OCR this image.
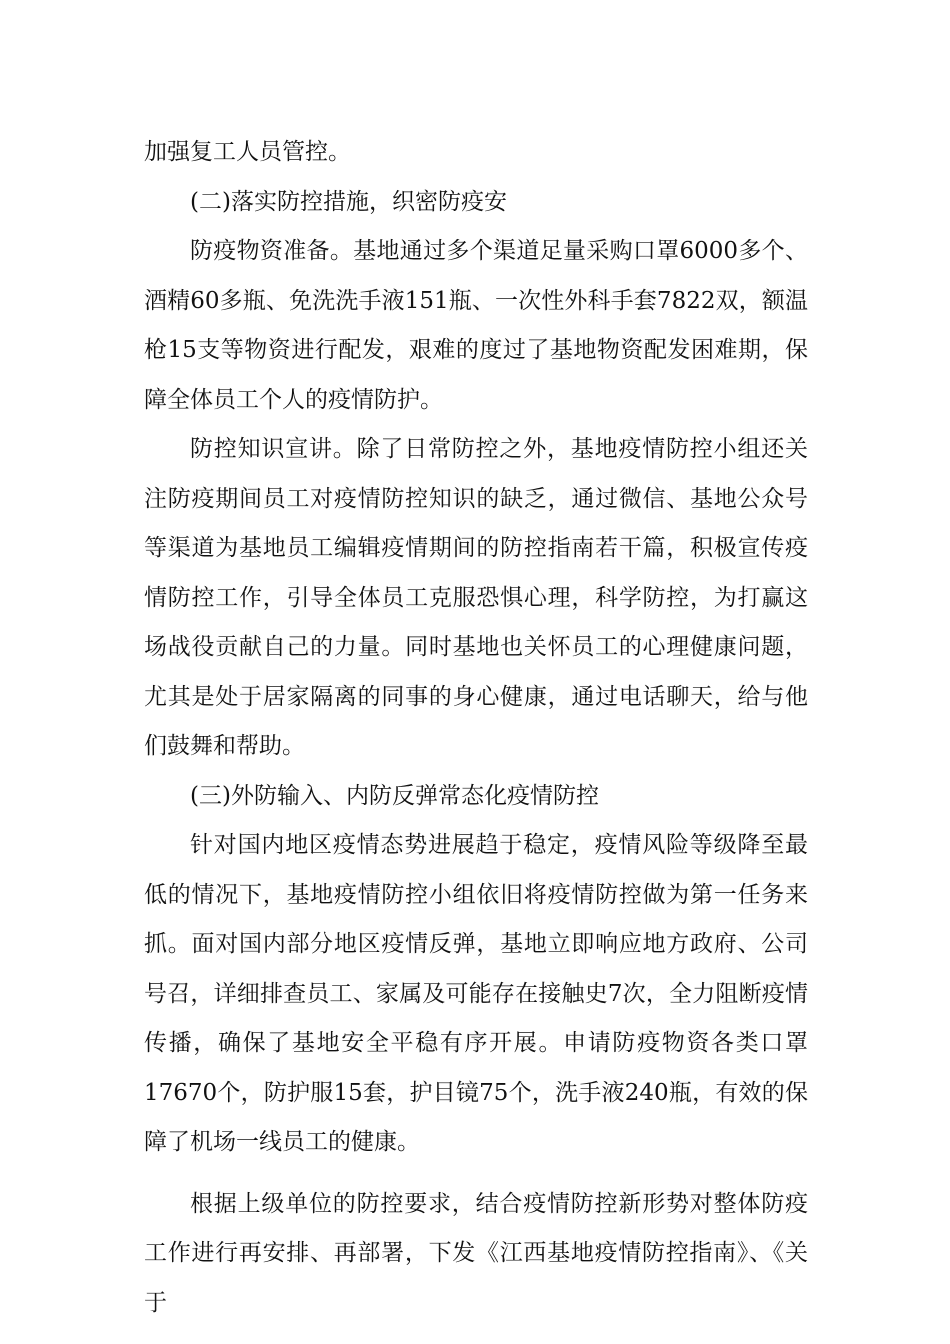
加强复工人员管控。

(二)落实防控措施，织密防疫安

防疫物资准备。基地通过多个渠道足量采购口罩6000多个、酒精60多瓶、免洗洗手液151瓶、一次性外科手套7822双，额温枪15支等物资进行配发，艰难的度过了基地物资配发困难期，保障全体员工个人的疫情防护。

防控知识宣讲。除了日常防控之外，基地疫情防控小组还关注防疫期间员工对疫情防控知识的缺乏，通过微信、基地公众号等渠道为基地员工编辑疫情期间的防控指南若干篇，积极宣传疫情防控工作，引导全体员工克服恐惧心理，科学防控，为打赢这场战役贡献自己的力量。同时基地也关怀员工的心理健康问题，尤其是处于居家隔离的同事的身心健康，通过电话聊天，给与他们鼓舞和帮助。

(三)外防输入、内防反弹常态化疫情防控

针对国内地区疫情态势进展趋于稳定，疫情风险等级降至最低的情况下，基地疫情防控小组依旧将疫情防控做为第一任务来抓。面对国内部分地区疫情反弹，基地立即响应地方政府、公司号召，详细排查员工、家属及可能存在接触史7次，全力阻断疫情传播，确保了基地安全平稳有序开展。申请防疫物资各类口罩17670个，防护服15套，护目镜75个，洗手液240瓶，有效的保障了机场一线员工的健康。

根据上级单位的防控要求，结合疫情防控新形势对整体防疫工作进行再安排、再部署，下发《江西基地疫情防控指南》、《关于
